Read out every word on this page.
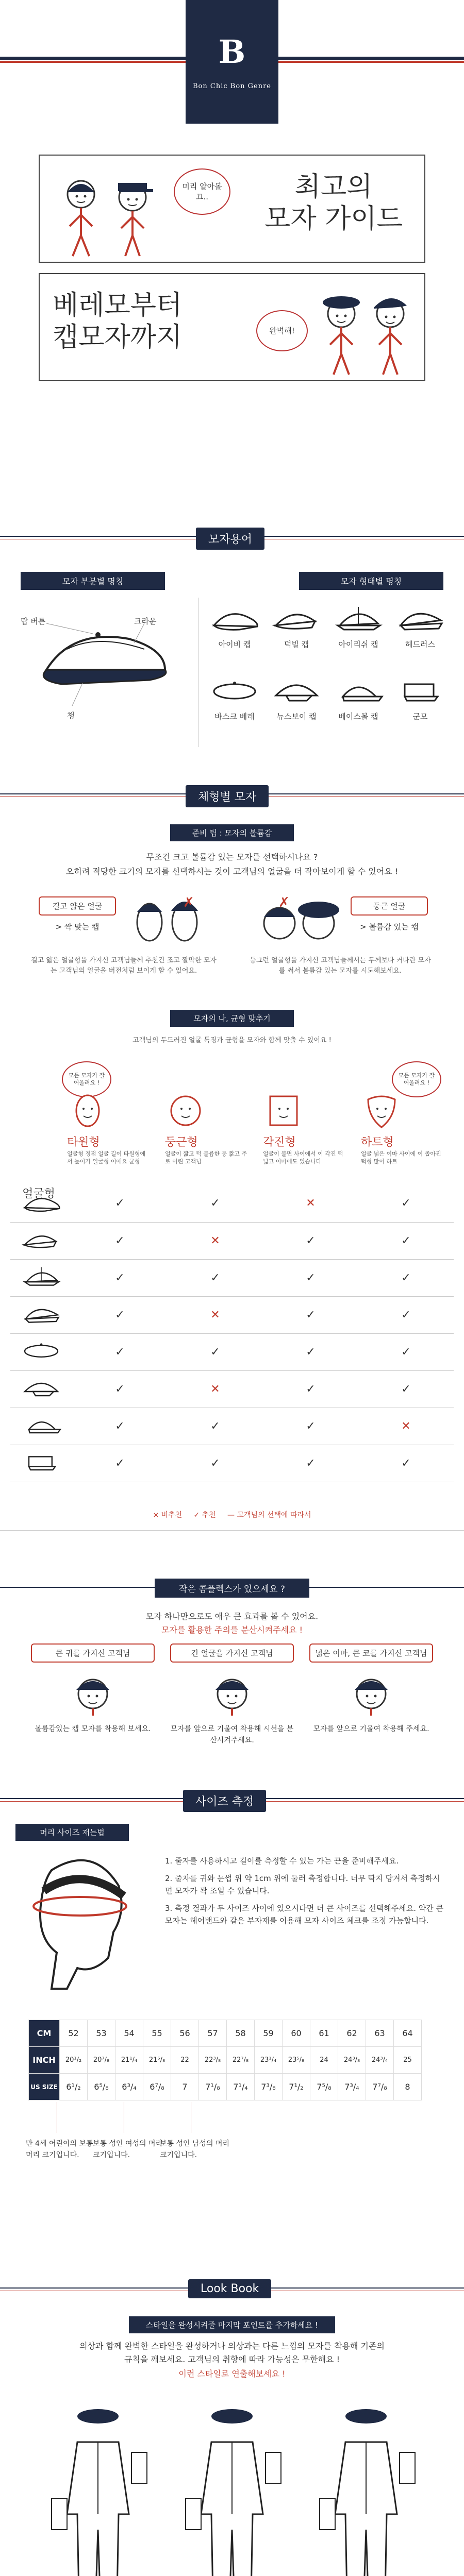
B
Bon Chic Bon Genre
미리 알아볼끄..	최고의
모자 가이드
베레모부터
캡모자까지	완벽해!
모자용어
모자 부분별 명칭	모자 형태별 명칭
탑 버튼	크라운
챙
아이비 캡	덕빌 캡	아이리쉬 캡	헤드러스
바스크 베레	뉴스보이 캡	베이스볼 캡	군모
체형별 모자
준비 팁 : 모자의 볼륨감
무조건 크고 볼륨감 있는 모자를 선택하시나요 ?
오히려 적당한 크기의 모자를 선택하시는 것이 고객님의 얼굴을 더 작아보이게 할 수 있어요 !
길고 얇은 얼굴
> 짝 맞는 캡
✗	✗	둥근 얼굴
> 볼륨감 있는 캡
길고 얇은 얼굴형을 가지신 고객님들께 추천건 조고 짤막한 모자는 고객님의 얼굴을 버전처럼 보이게 할 수 있어요.
둥그런 얼굴형을 가지신 고객님들께서는 두께보다 커다란 모자를 써서 볼륨감 있는 모자를 시도해보세요.
모자의 나, 균형 맞추기
고객님의 두드러진 얼굴 특징과 균형을 모자와 함께 맞출 수 있어요 !
모든 모자가 잘 어울려요 !
타원형
얼굴형 정점 얼굴 길이 타원형에서 높이가 얼굴형 이에요 균형
둥근형
얼굴이 짧고 턱 볼륨한 둥 짧고 주로 어린 고객님
각진형
얼굴이 볼면 사이에서 이 각진 턱 넓고 이마에도 있습니다
모든 모자가 잘 어울려요 !
하트형
얼굴 넓은 이마 사이에 이 좁아진 턱형 많이 하트
	✓	✓	✕	✓
	✓	✕	✓	✓
	✓	✓	✓	✓
	✓	✕	✓	✓
	✓	✓	✓	✓
	✓	✕	✓	✓
	✓	✓	✓	✕
	✓	✓	✓	✓
얼굴형
× 비추천 ✓ 추천 — 고객님의 선택에 따라서
작은 콤플렉스가 있으세요 ?
모자 하나만으로도 애우 큰 효과를 볼 수 있어요.
모자를 활용한 주의를 분산시켜주세요 !
큰 귀를 가지신 고객님
볼륨감있는 캡 모자를 착용해 보세요.
긴 얼굴을 가지신 고객님
모자를 앞으로 기울여 착용해 시선을 분산시켜주세요.
넓은 이마, 큰 코를 가지신 고객님
모자를 앞으로 기울여 착용해 주세요.
사이즈 측정
머리 사이즈 재는법
1. 줄자를 사용하시고 길이를 측정할 수 있는 가는 끈을 준비해주세요.
2. 줄자를 귀와 눈썹 위 약 1cm 위에 둘러 측정합니다. 너무 딱지 당겨서 측정하시면 모자가 꽉 조일 수 있습니다.
3. 측정 결과가 두 사이즈 사이에 있으시다면 더 큰 사이즈를 선택해주세요. 약간 큰 모자는 헤어밴드와 같은 부자재를 이용해 모자 사이즈 체크를 조정 가능합니다.
CM	52	53	54	55	56	57	58	59	60	61	62	63	64
INCH	20¹/₂	20⁷/₈	21¹/₄	21⁵/₈	22	22³/₈	22⁷/₈	23¹/₄	23⁵/₈	24	24³/₈	24³/₄	25
US SIZE	6¹/₂	6⁵/₈	6³/₄	6⁷/₈	7	7¹/₈	7¹/₄	7³/₈	7¹/₂	7⁵/₈	7³/₄	7⁷/₈	8
만 4세 어린이의 보통 머리 크기입니다.
보통 성인 여성의 머리 크기입니다.
보통 성인 남성의 머리 크기입니다.
Look Book
스타일을 완성시켜줄 마지막 포인트를 추가하세요 !
의상과 함께 완벽한 스타일을 완성하거나 의상과는 다른 느낌의 모자를 착용해 기존의
규칙을 깨보세요. 고객님의 취향에 따라 가능성은 무한해요 !
이런 스타일로 연출해보세요 !
